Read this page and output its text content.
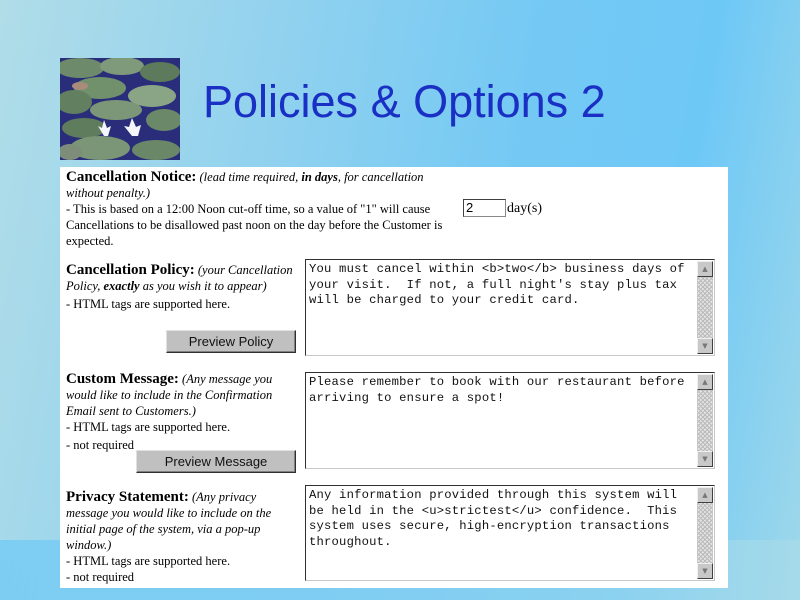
Policies & Options 2
Cancellation Notice: (lead time required, in days, for cancellation without penalty.)
- This is based on a 12:00 Noon cut-off time, so a value of "1" will cause Cancellations to be disallowed past noon on the day before the Customer is expected.
2
day(s)
Cancellation Policy: (your Cancellation Policy, exactly as you wish it to appear)
- HTML tags are supported here.
Preview Policy
You must cancel within <b>two</b> business days of your visit.  If not, a full night's stay plus tax will be charged to your credit card.
▲
▼
Custom Message: (Any message you would like to include in the Confirmation Email sent to Customers.)
- HTML tags are supported here.
- not required
Preview Message
Please remember to book with our restaurant before arriving to ensure a spot!
▲
▼
Privacy Statement: (Any privacy message you would like to include on the initial page of the system, via a pop-up window.)
- HTML tags are supported here.
- not required
Any information provided through this system will be held in the <u>strictest</u> confidence.  This system uses secure, high-encryption transactions throughout.
▲
▼
